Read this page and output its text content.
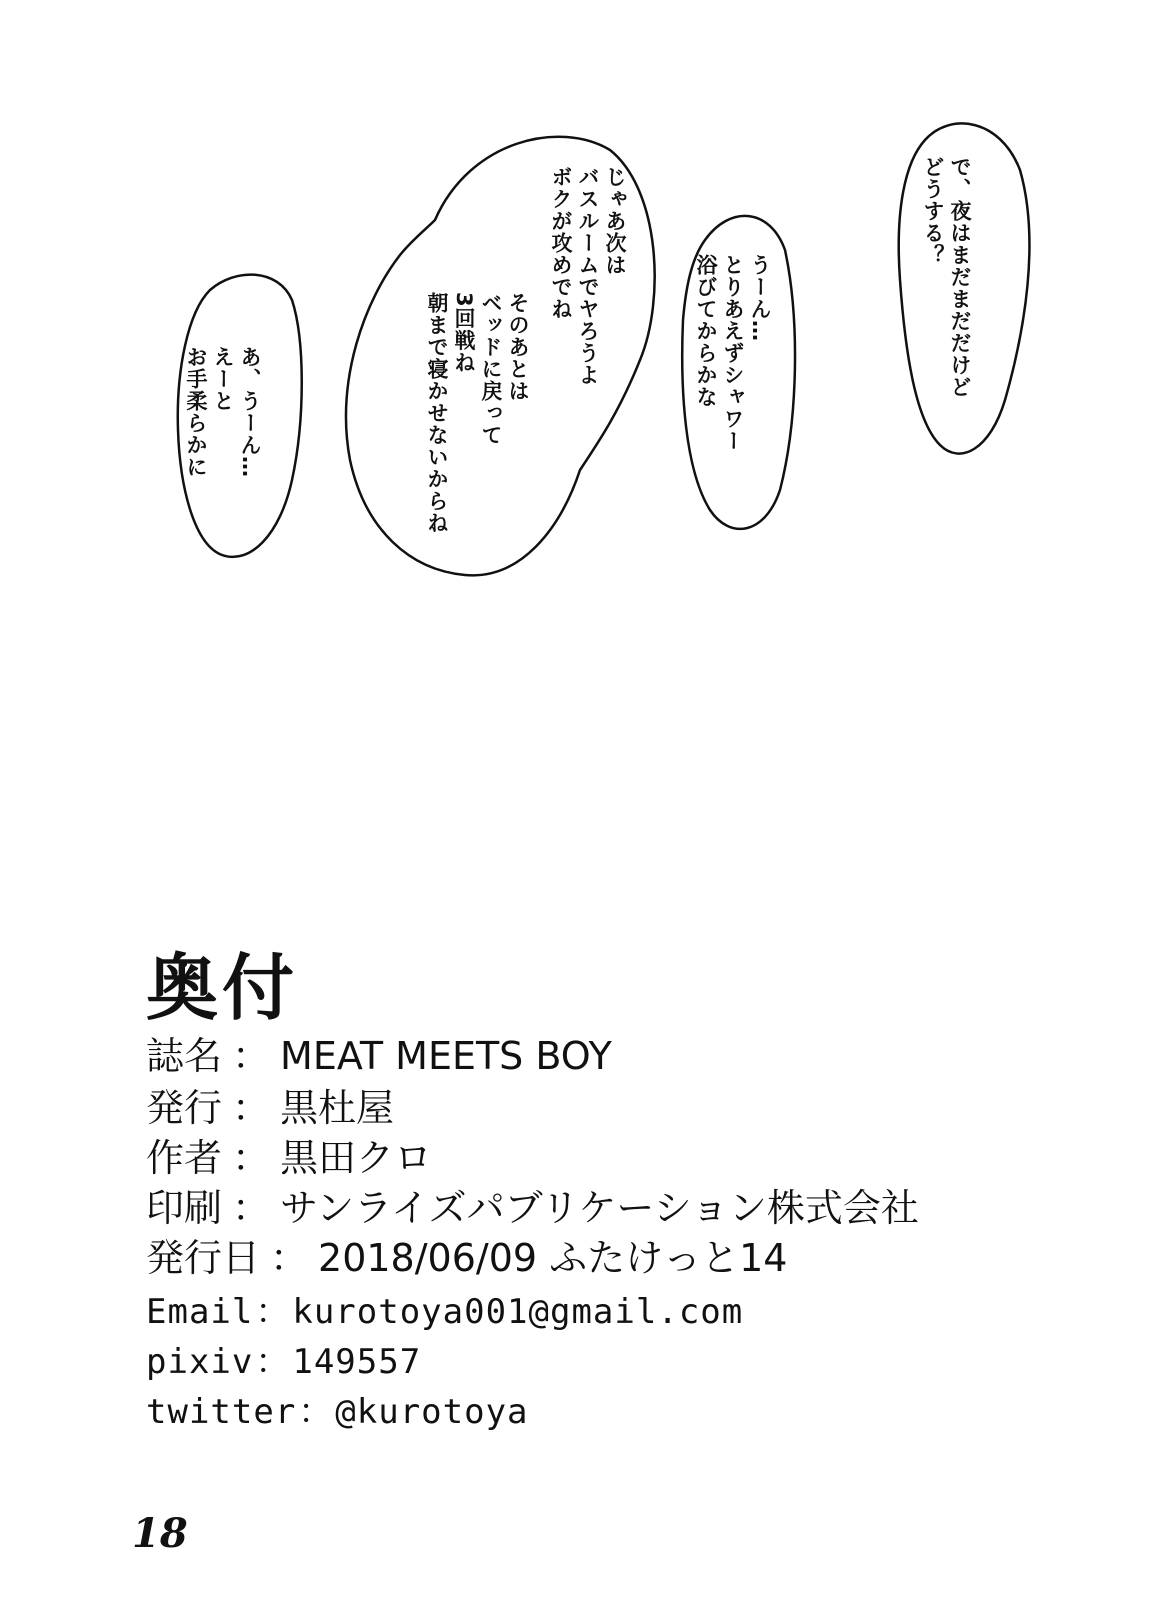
で、夜はまだまだだけど
どうする？
うーん…
とりあえずシャワー
浴びてからかな
じゃあ次は
バスルームでヤろうよ
ボクが攻めでね
そのあとは
ベッドに戻って
3回戦ね
朝まで寝かせないからね
あ、うーん…
えーと
お手柔らかに
奥付
誌名 ： MEAT MEETS BOY
発行 ： 黒杜屋
作者 ： 黒田クロ
印刷 ： サンライズパブリケーション株式会社
発行日 ： 2018/06/09 ふたけっと14
Email：kurotoya001@gmail.com
pixiv：149557
twitter：@kurotoya
18
